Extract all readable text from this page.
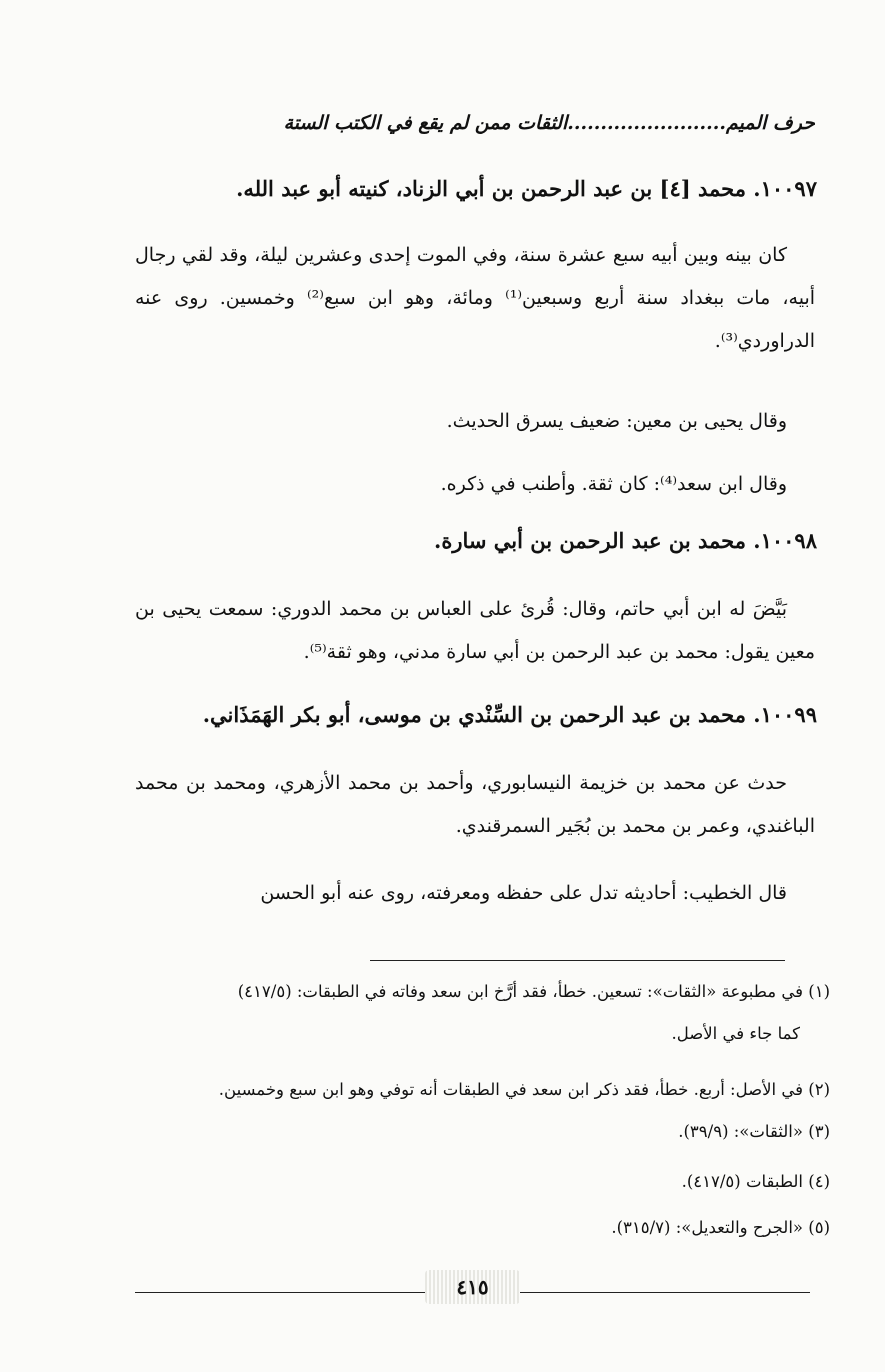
حرف الميم........................الثقات ممن لم يقع في الكتب الستة
١٠٠٩٧. محمد [٤] بن عبد الرحمن بن أبي الزناد، كنيته أبو عبد الله.
كان بينه وبين أبيه سبع عشرة سنة، وفي الموت إحدى وعشرين ليلة، وقد لقي رجال أبيه، مات ببغداد سنة أربع وسبعين⁽¹⁾ ومائة، وهو ابن سبع⁽²⁾ وخمسين. روى عنه الدراوردي⁽³⁾.
وقال يحيى بن معين: ضعيف يسرق الحديث.
وقال ابن سعد⁽⁴⁾: كان ثقة. وأطنب في ذكره.
١٠٠٩٨. محمد بن عبد الرحمن بن أبي سارة.
بَيَّضَ له ابن أبي حاتم، وقال: قُرئ على العباس بن محمد الدوري: سمعت يحيى بن معين يقول: محمد بن عبد الرحمن بن أبي سارة مدني، وهو ثقة⁽⁵⁾.
١٠٠٩٩. محمد بن عبد الرحمن بن السِّنْدي بن موسى، أبو بكر الهَمَذَاني.
حدث عن محمد بن خزيمة النيسابوري، وأحمد بن محمد الأزهري، ومحمد بن محمد الباغندي، وعمر بن محمد بن بُجَير السمرقندي.
قال الخطيب: أحاديثه تدل على حفظه ومعرفته، روى عنه أبو الحسن
(١) في مطبوعة «الثقات»: تسعين. خطأ، فقد أرَّخ ابن سعد وفاته في الطبقات: (٤١٧/٥)
كما جاء في الأصل.
(٢) في الأصل: أربع. خطأ، فقد ذكر ابن سعد في الطبقات أنه توفي وهو ابن سبع وخمسين.
(٣) «الثقات»: (٣٩/٩).
(٤) الطبقات (٤١٧/٥).
(٥) «الجرح والتعديل»: (٣١٥/٧).
٤١٥
